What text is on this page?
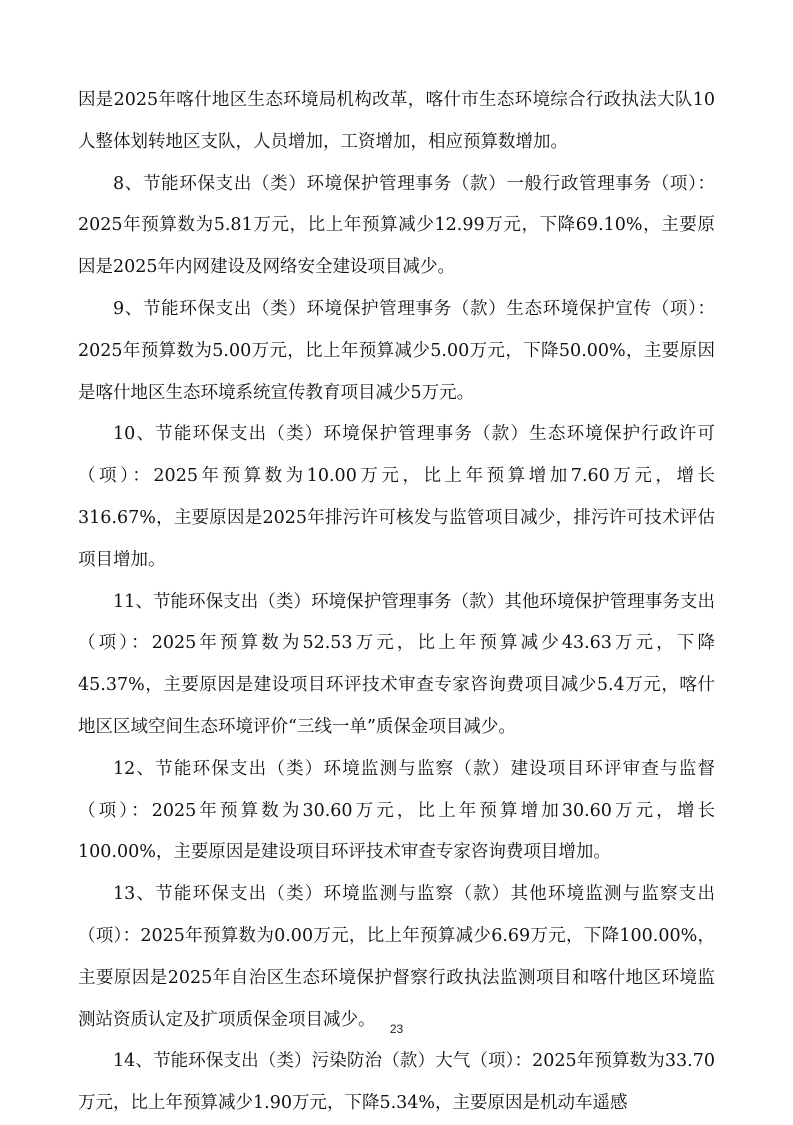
因是2025年喀什地区生态环境局机构改革，喀什市生态环境综合行政执法大队10人整体划转地区支队，人员增加，工资增加，相应预算数增加。

8、节能环保支出（类）环境保护管理事务（款）一般行政管理事务（项）：2025年预算数为5.81万元，比上年预算减少12.99万元，下降69.10%，主要原因是2025年内网建设及网络安全建设项目减少。

9、节能环保支出（类）环境保护管理事务（款）生态环境保护宣传（项）：2025年预算数为5.00万元，比上年预算减少5.00万元，下降50.00%，主要原因是喀什地区生态环境系统宣传教育项目减少5万元。

10、节能环保支出（类）环境保护管理事务（款）生态环境保护行政许可（项）：2025年预算数为10.00万元，比上年预算增加7.60万元，增长316.67%，主要原因是2025年排污许可核发与监管项目减少，排污许可技术评估项目增加。

11、节能环保支出（类）环境保护管理事务（款）其他环境保护管理事务支出（项）：2025年预算数为52.53万元，比上年预算减少43.63万元，下降45.37%，主要原因是建设项目环评技术审查专家咨询费项目减少5.4万元，喀什地区区域空间生态环境评价“三线一单”质保金项目减少。

12、节能环保支出（类）环境监测与监察（款）建设项目环评审查与监督（项）：2025年预算数为30.60万元，比上年预算增加30.60万元，增长100.00%，主要原因是建设项目环评技术审查专家咨询费项目增加。

13、节能环保支出（类）环境监测与监察（款）其他环境监测与监察支出（项）：2025年预算数为0.00万元，比上年预算减少6.69万元，下降100.00%，主要原因是2025年自治区生态环境保护督察行政执法监测项目和喀什地区环境监测站资质认定及扩项质保金项目减少。

14、节能环保支出（类）污染防治（款）大气（项）：2025年预算数为33.70万元，比上年预算减少1.90万元，下降5.34%，主要原因是机动车遥感

23
